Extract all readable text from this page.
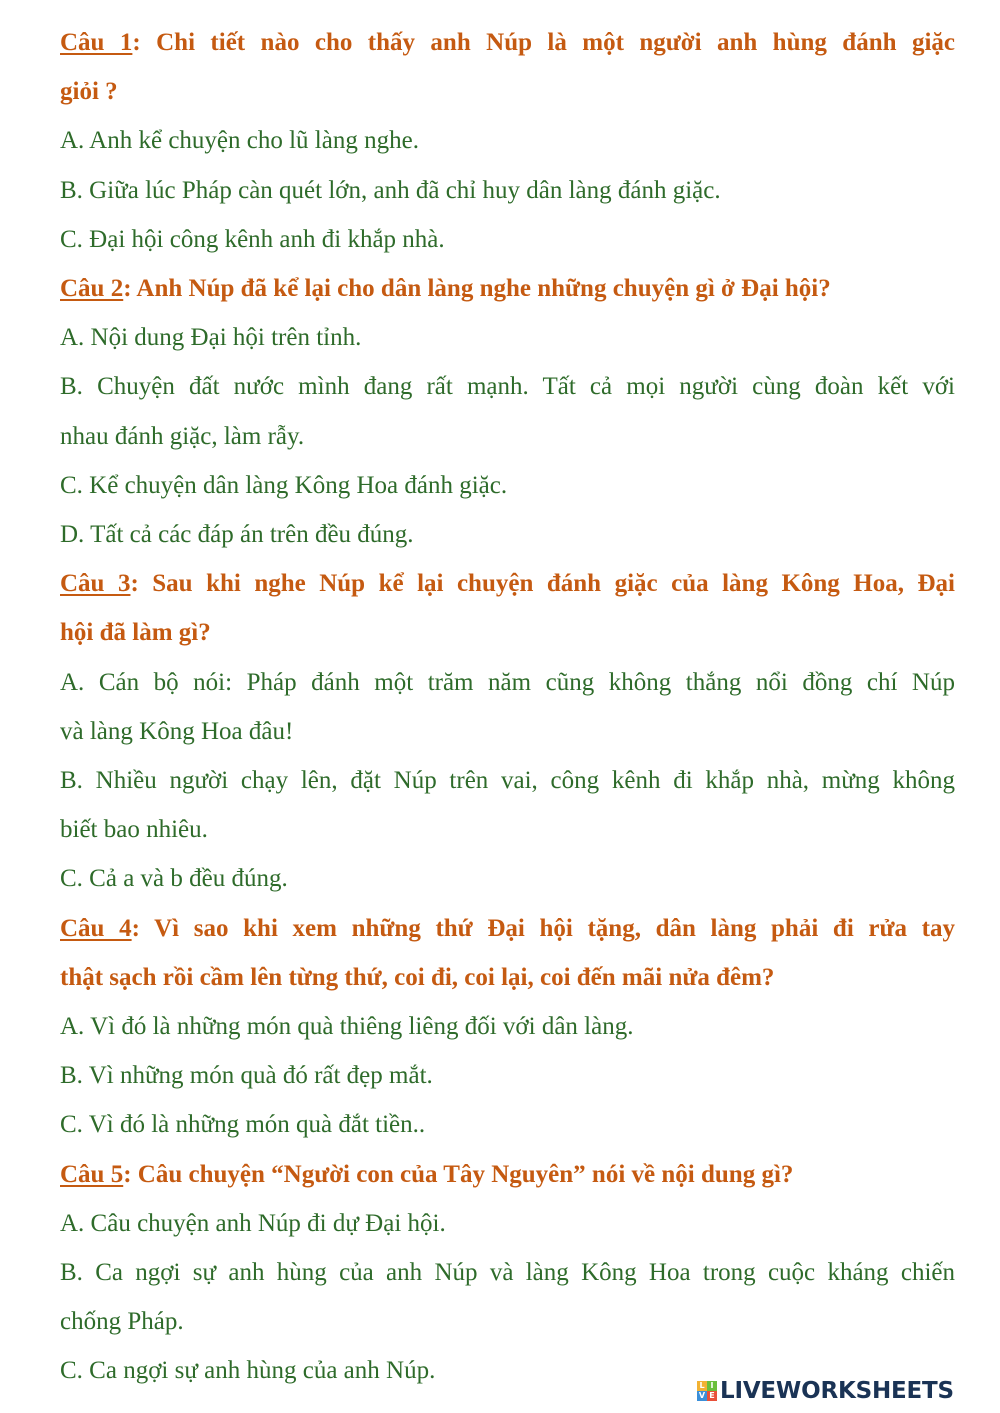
Câu 1: Chi tiết nào cho thấy anh Núp là một người anh hùng đánh giặc
giỏi ?
A. Anh kể chuyện cho lũ làng nghe.
B. Giữa lúc Pháp càn quét lớn, anh đã chỉ huy dân làng đánh giặc.
C. Đại hội công kênh anh đi khắp nhà.
Câu 2: Anh Núp đã kể lại cho dân làng nghe những chuyện gì ở Đại hội?
A. Nội dung Đại hội trên tỉnh.
B. Chuyện đất nước mình đang rất mạnh. Tất cả mọi người cùng đoàn kết với
nhau đánh giặc, làm rẫy.
C. Kể chuyện dân làng Kông Hoa đánh giặc.
D. Tất cả các đáp án trên đều đúng.
Câu 3: Sau khi nghe Núp kể lại chuyện đánh giặc của làng Kông Hoa, Đại
hội đã làm gì?
A. Cán bộ nói: Pháp đánh một trăm năm cũng không thắng nổi đồng chí Núp
và làng Kông Hoa đâu!
B. Nhiều người chạy lên, đặt Núp trên vai, công kênh đi khắp nhà, mừng không
biết bao nhiêu.
C. Cả a và b đều đúng.
Câu 4: Vì sao khi xem những thứ Đại hội tặng, dân làng phải đi rửa tay
thật sạch rồi cầm lên từng thứ, coi đi, coi lại, coi đến mãi nửa đêm?
A. Vì đó là những món quà thiêng liêng đối với dân làng.
B. Vì những món quà đó rất đẹp mắt.
C. Vì đó là những món quà đắt tiền..
Câu 5: Câu chuyện “Người con của Tây Nguyên” nói về nội dung gì?
A. Câu chuyện anh Núp đi dự Đại hội.
B. Ca ngợi sự anh hùng của anh Núp và làng Kông Hoa trong cuộc kháng chiến
chống Pháp.
C. Ca ngợi sự anh hùng của anh Núp.
L I
V E LIVEWORKSHEETS
